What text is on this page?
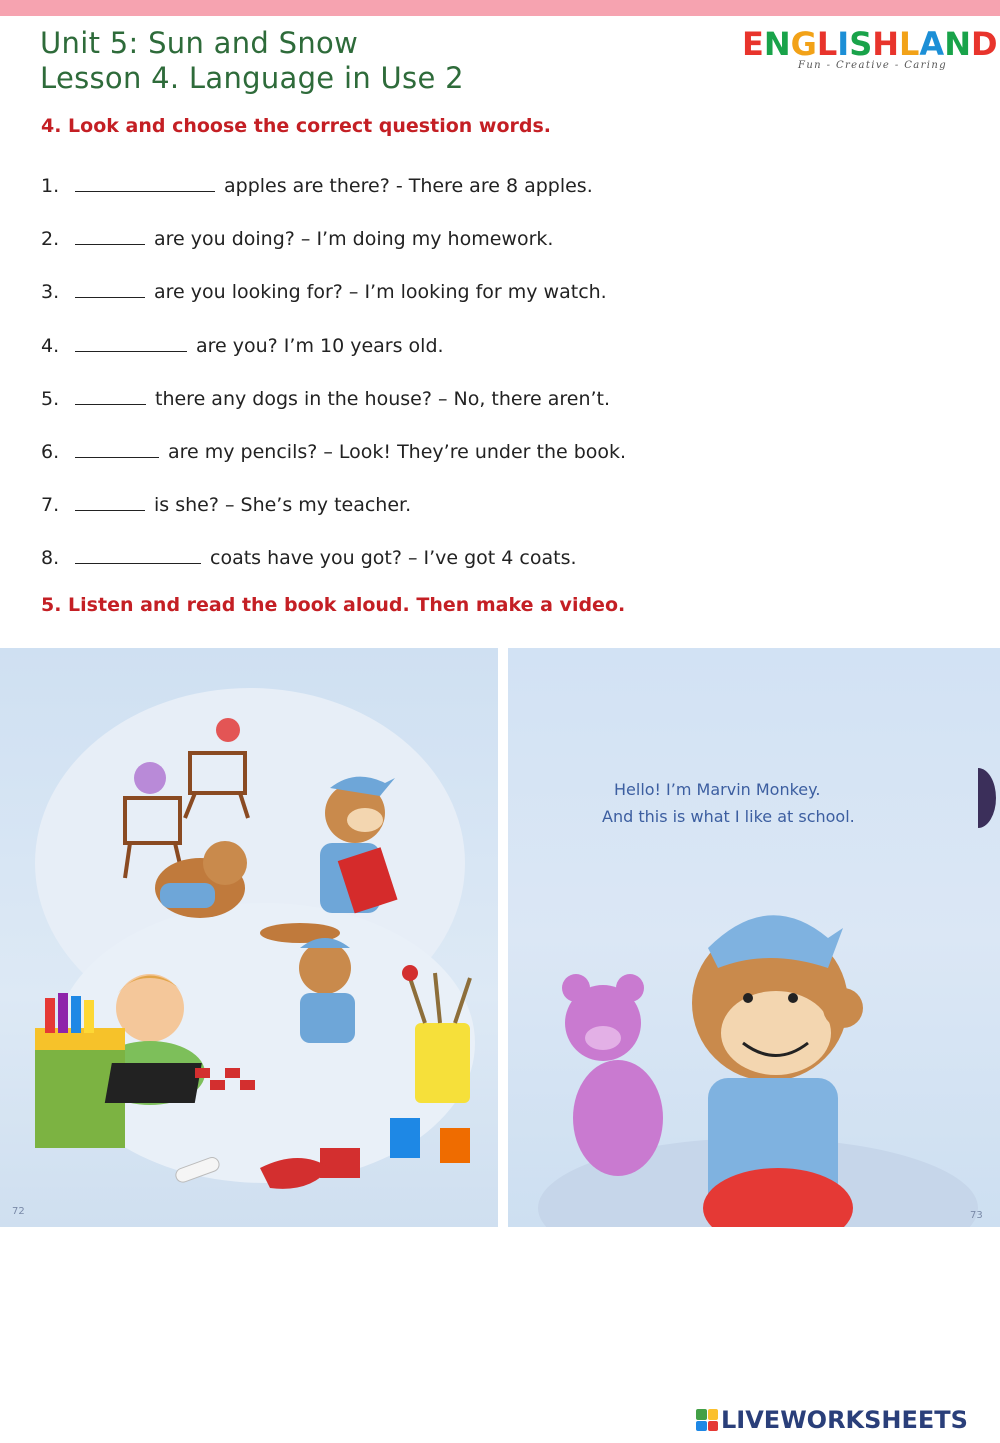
Unit 5: Sun and Snow
Lesson 4. Language in Use 2
E N G L I S H L A N D
Fun - Creative - Caring
4. Look and choose the correct question words.
1.	apples are there? - There are 8 apples.
2.	are you doing? – I’m doing my homework.
3.	are you looking for? – I’m looking for my watch.
4.	are you? I’m 10 years old.
5.	there any dogs in the house? – No, there aren’t.
6.	are my pencils? – Look! They’re under the book.
7.	is she? – She’s my teacher.
8.	coats have you got? – I’ve got 4 coats.
5. Listen and read the book aloud. Then make a video.
72
Hello! I’m Marvin Monkey.
And this is what I like at school.
73
LIVEWORKSHEETS
